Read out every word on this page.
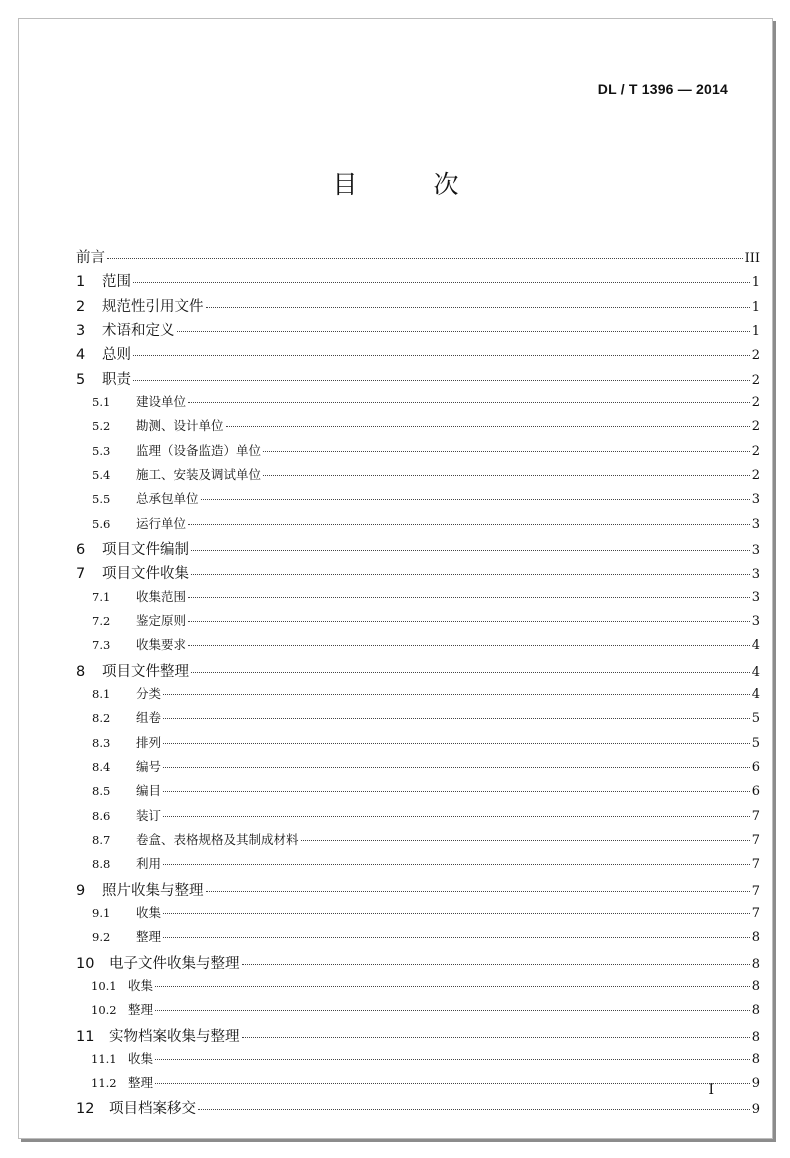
DL / T 1396 — 2014
目 次
前言	III
1	范围	1
2	规范性引用文件	1
3	术语和定义	1
4	总则	2
5	职责	2
5.1	建设单位	2
5.2	勘测、设计单位	2
5.3	监理（设备监造）单位	2
5.4	施工、安装及调试单位	2
5.5	总承包单位	3
5.6	运行单位	3
6	项目文件编制	3
7	项目文件收集	3
7.1	收集范围	3
7.2	鉴定原则	3
7.3	收集要求	4
8	项目文件整理	4
8.1	分类	4
8.2	组卷	5
8.3	排列	5
8.4	编号	6
8.5	编目	6
8.6	装订	7
8.7	卷盒、表格规格及其制成材料	7
8.8	利用	7
9	照片收集与整理	7
9.1	收集	7
9.2	整理	8
10	电子文件收集与整理	8
10.1 收集	8
10.2 整理	8
11	实物档案收集与整理	8
11.1 收集	8
11.2 整理	9
12	项目档案移交	9
I
